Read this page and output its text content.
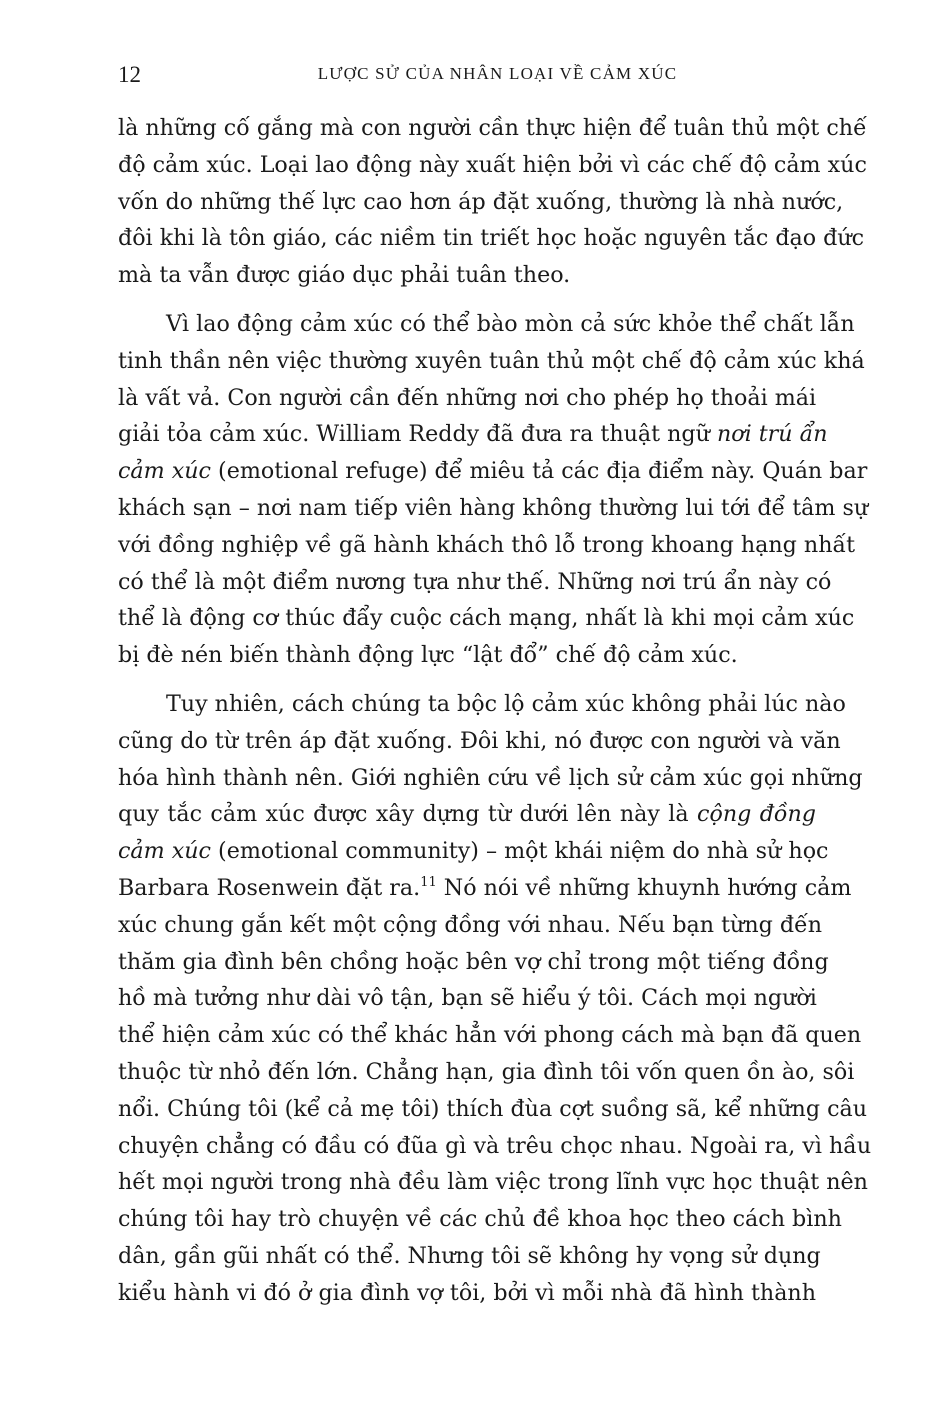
12	LƯỢC SỬ CỦA NHÂN LOẠI VỀ CẢM XÚC
là những cố gắng mà con người cần thực hiện để tuân thủ một chế
độ cảm xúc. Loại lao động này xuất hiện bởi vì các chế độ cảm xúc
vốn do những thế lực cao hơn áp đặt xuống, thường là nhà nước,
đôi khi là tôn giáo, các niềm tin triết học hoặc nguyên tắc đạo đức
mà ta vẫn được giáo dục phải tuân theo.
Vì lao động cảm xúc có thể bào mòn cả sức khỏe thể chất lẫn
tinh thần nên việc thường xuyên tuân thủ một chế độ cảm xúc khá
là vất vả. Con người cần đến những nơi cho phép họ thoải mái
giải tỏa cảm xúc. William Reddy đã đưa ra thuật ngữ nơi trú ẩn
cảm xúc (emotional refuge) để miêu tả các địa điểm này. Quán bar
khách sạn – nơi nam tiếp viên hàng không thường lui tới để tâm sự
với đồng nghiệp về gã hành khách thô lỗ trong khoang hạng nhất
có thể là một điểm nương tựa như thế. Những nơi trú ẩn này có
thể là động cơ thúc đẩy cuộc cách mạng, nhất là khi mọi cảm xúc
bị đè nén biến thành động lực “lật đổ” chế độ cảm xúc.
Tuy nhiên, cách chúng ta bộc lộ cảm xúc không phải lúc nào
cũng do từ trên áp đặt xuống. Đôi khi, nó được con người và văn
hóa hình thành nên. Giới nghiên cứu về lịch sử cảm xúc gọi những
quy tắc cảm xúc được xây dựng từ dưới lên này là cộng đồng
cảm xúc (emotional community) – một khái niệm do nhà sử học
Barbara Rosenwein đặt ra.$^{11}$ Nó nói về những khuynh hướng cảm
xúc chung gắn kết một cộng đồng với nhau. Nếu bạn từng đến
thăm gia đình bên chồng hoặc bên vợ chỉ trong một tiếng đồng
hồ mà tưởng như dài vô tận, bạn sẽ hiểu ý tôi. Cách mọi người
thể hiện cảm xúc có thể khác hẳn với phong cách mà bạn đã quen
thuộc từ nhỏ đến lớn. Chẳng hạn, gia đình tôi vốn quen ồn ào, sôi
nổi. Chúng tôi (kể cả mẹ tôi) thích đùa cợt suồng sã, kể những câu
chuyện chẳng có đầu có đũa gì và trêu chọc nhau. Ngoài ra, vì hầu
hết mọi người trong nhà đều làm việc trong lĩnh vực học thuật nên
chúng tôi hay trò chuyện về các chủ đề khoa học theo cách bình
dân, gần gũi nhất có thể. Nhưng tôi sẽ không hy vọng sử dụng
kiểu hành vi đó ở gia đình vợ tôi, bởi vì mỗi nhà đã hình thành
